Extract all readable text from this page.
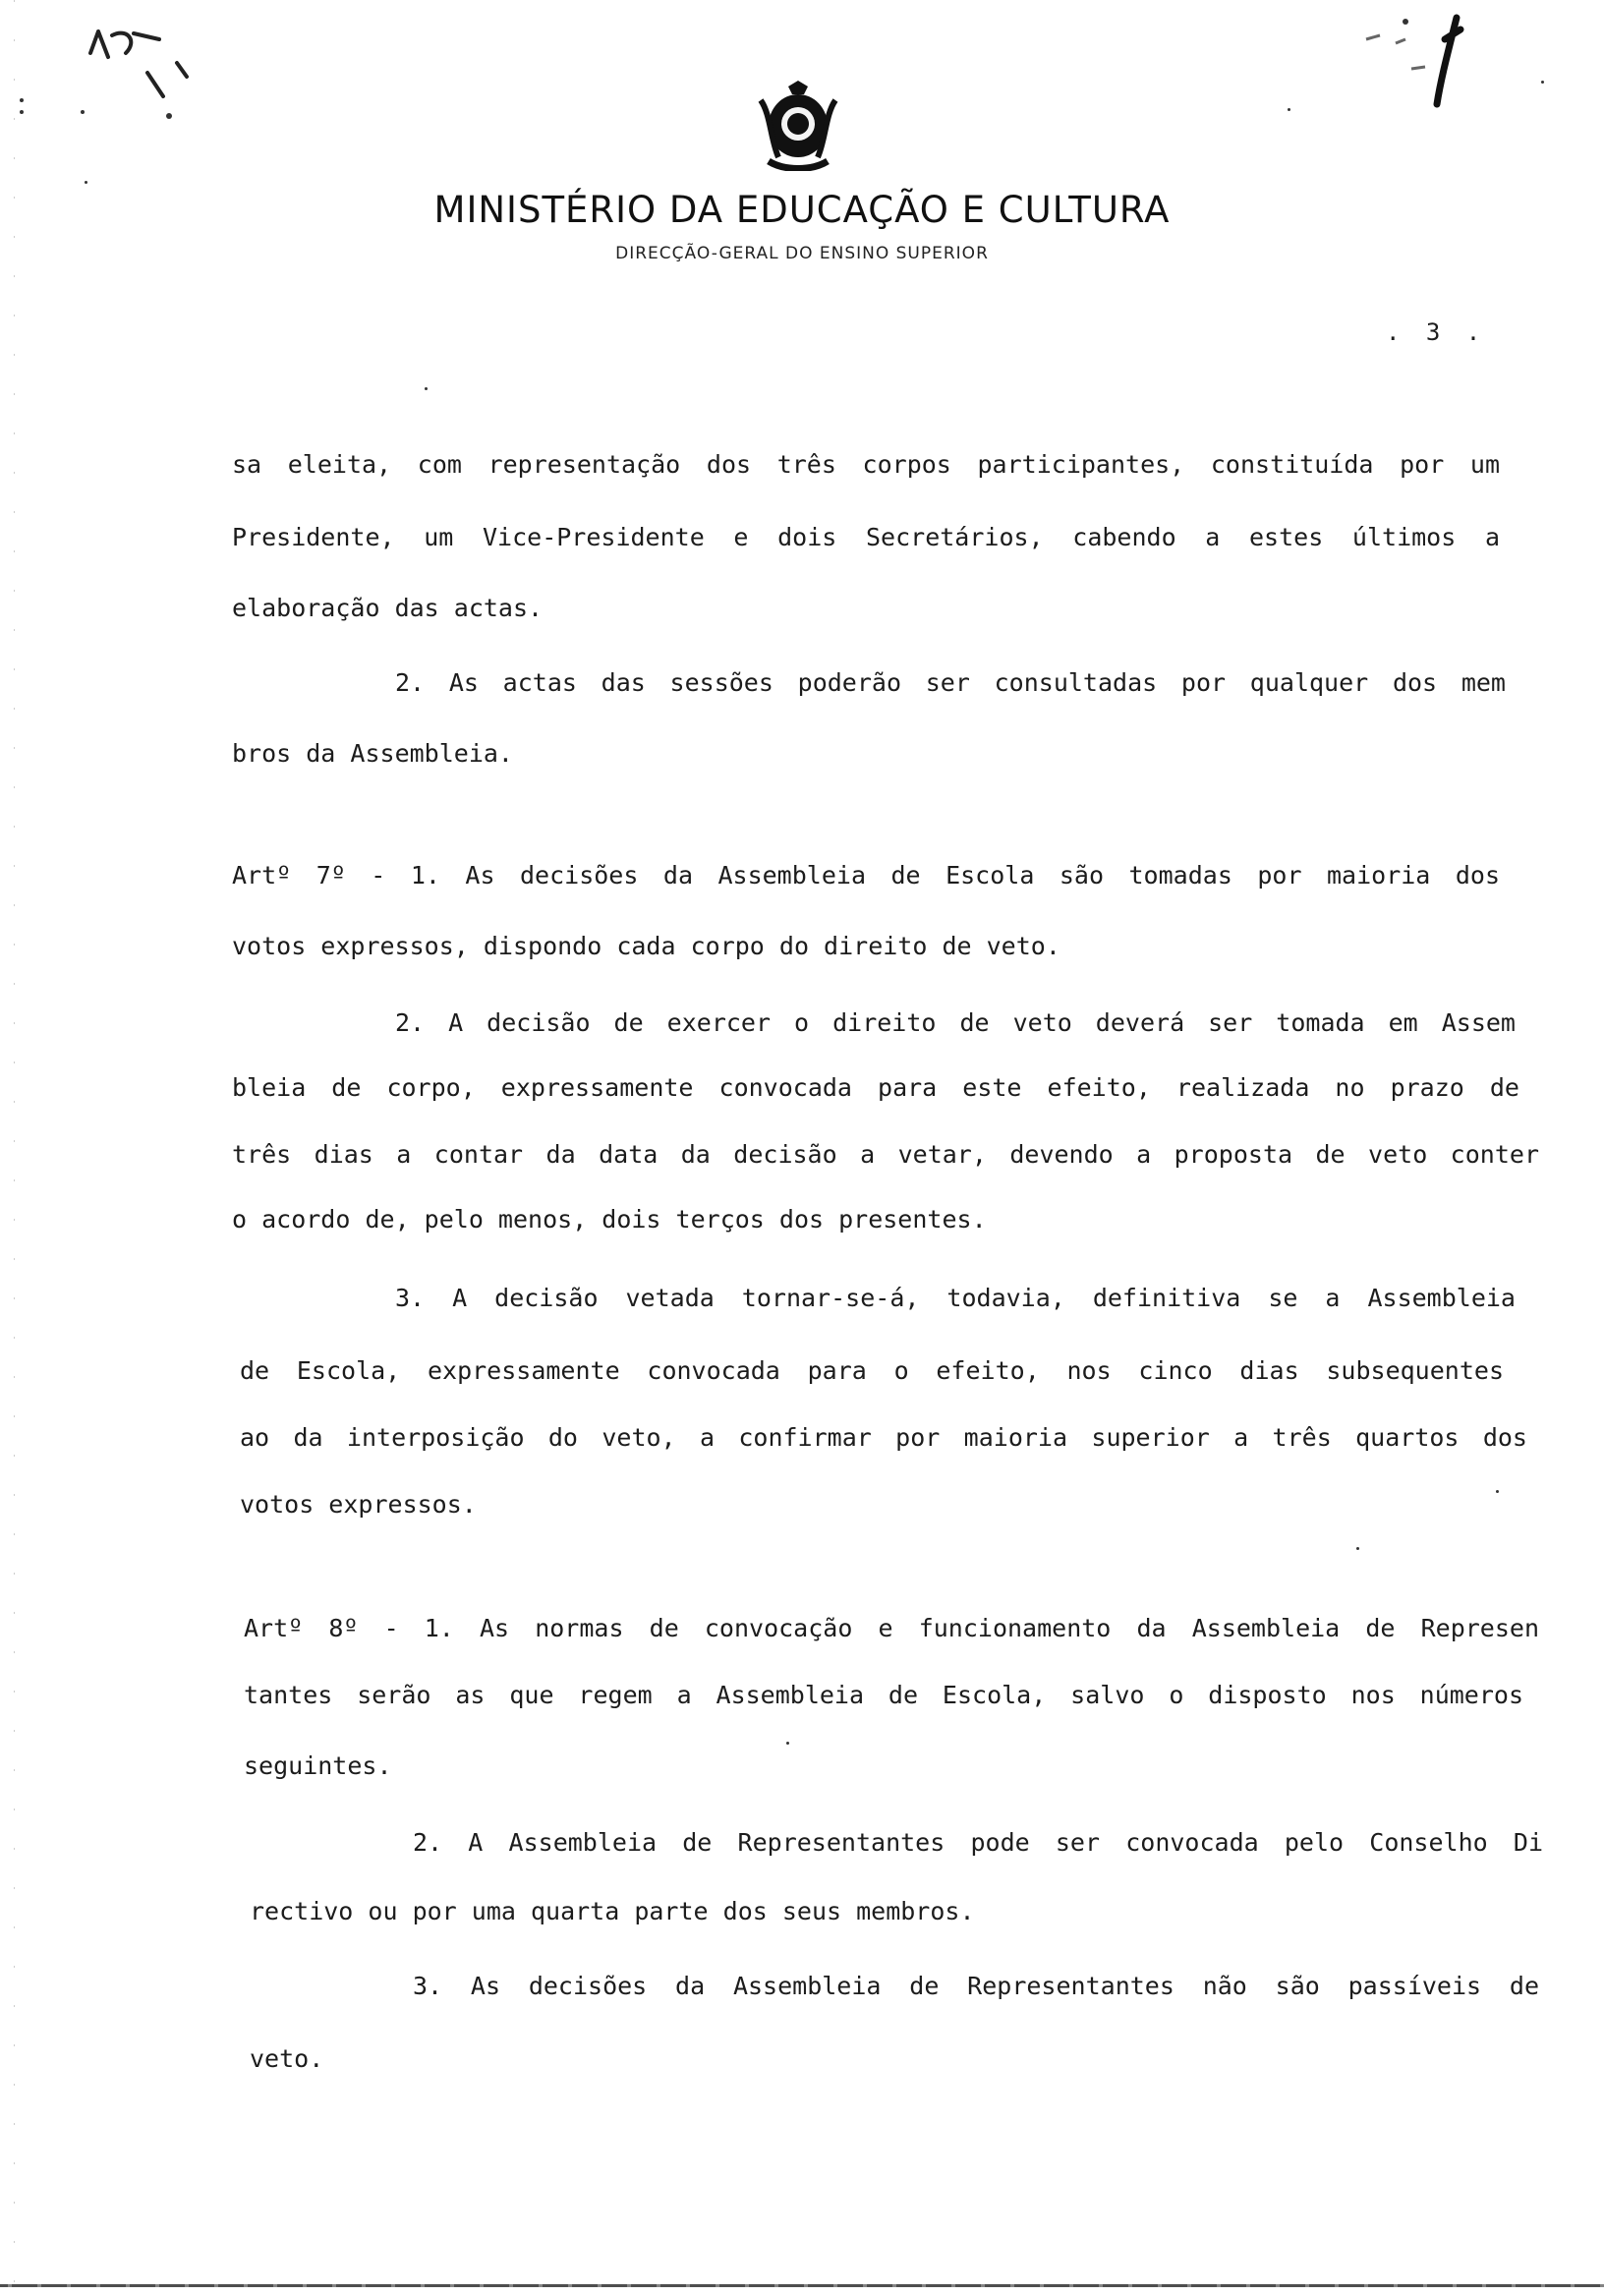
MINISTÉRIO DA EDUCAÇÃO E CULTURA
DIRECÇÃO-GERAL DO ENSINO SUPERIOR
. 3 .
sa eleita, com representação dos três corpos participantes, constituída por um
Presidente, um Vice-Presidente e dois Secretários, cabendo a estes últimos a
elaboração das actas.
2. As actas das sessões poderão ser consultadas por qualquer dos mem
bros da Assembleia.
Artº 7º - 1. As decisões da Assembleia de Escola são tomadas por maioria dos
votos expressos, dispondo cada corpo do direito de veto.
2. A decisão de exercer o direito de veto deverá ser tomada em Assem
bleia de corpo, expressamente convocada para este efeito, realizada no prazo de
três dias a contar da data da decisão a vetar, devendo a proposta de veto conter
o acordo de, pelo menos, dois terços dos presentes.
3. A decisão vetada tornar-se-á, todavia, definitiva se a Assembleia
de Escola, expressamente convocada para o efeito, nos cinco dias subsequentes
ao da interposição do veto, a confirmar por maioria superior a três quartos dos
votos expressos.
Artº 8º - 1. As normas de convocação e funcionamento da Assembleia de Represen
tantes serão as que regem a Assembleia de Escola, salvo o disposto nos números
seguintes.
2. A Assembleia de Representantes pode ser convocada pelo Conselho Di
rectivo ou por uma quarta parte dos seus membros.
3. As decisões da Assembleia de Representantes não são passíveis de
veto.
